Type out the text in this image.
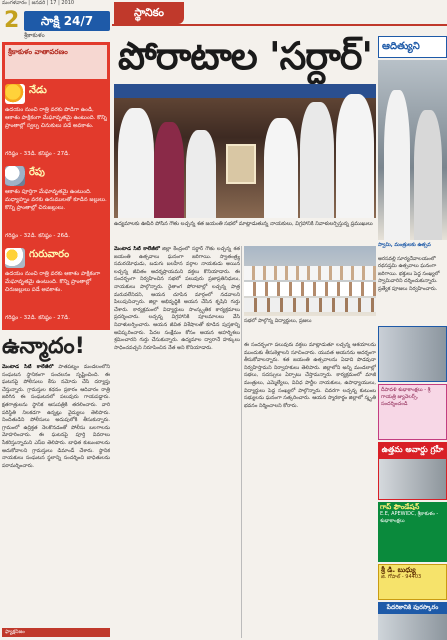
మంగళవారం | జనవరి | 17 | 2010
2	సాక్షి 24/7
శ్రీకాకుళం
స్థానికం
శ్రీకాకుళం వాతావరణం
నేడు
ఉదయం నుంచి రాత్రి వరకు పొడిగా ఉండి, ఆకాశం పాక్షికంగా మేఘావృతమై ఉంటుంది. కొన్ని ప్రాంతాల్లో స్వల్ప చినుకులు పడే అవకాశం.
గరిష్ఠం - 33డి. కనిష్ఠం - 27డి.
రేపు
ఆకాశం పూర్తిగా మేఘావృతమై ఉంటుంది. మధ్యాహ్నం వరకు ఉరుములతో కూడిన జల్లులు. కొన్ని ప్రాంతాల్లో చిరుజల్లులు.
గరిష్ఠం - 32డి. కనిష్ఠం - 26డి.
గురువారం
ఉదయం నుంచి రాత్రి వరకు ఆకాశం పాక్షికంగా మేఘావృతమై ఉంటుంది. కొన్ని ప్రాంతాల్లో చిరుజల్లులు పడే అవకాశం.
గరిష్ఠం - 32డి. కనిష్ఠం - 27డి.
ఉన్మాదం!
మెంటాడ సిటీ కాలేజీలో పాతపట్నం మండలంలోని సంఘటన స్థానికంగా సంచలనం సృష్టించింది. ఈ ఘటనపై పోలీసులు కేసు నమోదు చేసి దర్యాప్తు చేస్తున్నారు. గ్రామస్తుల కథనం ప్రకారం ఆదివారం రాత్రి జరిగిన ఈ సంఘటనలో పలువురు గాయపడ్డారు. క్షతగాత్రులను స్థానిక ఆసుపత్రికి తరలించారు. వారి పరిస్థితి నిలకడగా ఉన్నట్లు వైద్యులు తెలిపారు. నిందితుడిని పోలీసులు అదుపులోకి తీసుకున్నారు. గ్రామంలో ఉద్రిక్తత నెలకొనడంతో పోలీసు బలగాలను మోహరించారు. ఈ ఘటనపై పూర్తి వివరాలు సేకరిస్తున్నామని ఎస్‌ఐ తెలిపారు. బాధిత కుటుంబాలను ఆదుకోవాలని గ్రామస్తులు డిమాండ్ చేశారు. స్థానిక నాయకులు సంఘటన స్థలాన్ని సందర్శించి బాధితులను పరామర్శించారు.
ఫ్యాక్షనిజం
పోరాటాల 'సర్దార్'
ఉద్యమాలకు ఊపిరి పోసిన గౌతు లచ్చన్న శత జయంతి సభలో మాట్లాడుతున్న నాయకులు, విగ్రహానికి నివాళులర్పిస్తున్న ప్రముఖులు
మెంటాడ సిటీ కాలేజీలో జిల్లా కేంద్రంలో సర్దార్ గౌతు లచ్చన్న శత జయంతి ఉత్సవాలు ఘనంగా జరిగాయి. స్వాతంత్ర్య సమరయోధుడు, బడుగు బలహీన వర్గాల నాయకుడు అయిన లచ్చన్న జీవితం ఆదర్శప్రాయమని వక్తలు కొనియాడారు. ఈ సందర్భంగా నిర్వహించిన సభలో పలువురు ప్రజాప్రతినిధులు, నాయకులు పాల్గొన్నారు. రైతాంగ పోరాటాల్లో లచ్చన్న పాత్ర మరువలేనిదని, ఆయన చూపిన మార్గంలో నడవాలని పిలుపునిచ్చారు. జిల్లా అభివృద్ధికి ఆయన చేసిన కృషిని గుర్తు చేశారు. కార్యక్రమంలో విద్యార్థులు సాంస్కృతిక కార్యక్రమాలు ప్రదర్శించారు. లచ్చన్న విగ్రహానికి పూలమాలలు వేసి నివాళులర్పించారు. ఆయన జీవిత విశేషాలతో కూడిన పుస్తకాన్ని ఆవిష్కరించారు. పేదల సంక్షేమం కోసం ఆయన అహర్నిశలు శ్రమించారని గుర్తు చేసుకున్నారు. ఉద్యమాల ద్వారానే హక్కులు సాధించవచ్చని నిరూపించిన నేత అని కొనియాడారు.
సభలో పాల్గొన్న విద్యార్థులు, ప్రజలు
ఈ సందర్భంగా పలువురు వక్తలు మాట్లాడుతూ లచ్చన్న ఆశయాలను ముందుకు తీసుకెళ్లాలని సూచించారు. యువత ఆయనను ఆదర్శంగా తీసుకోవాలన్నారు. శత జయంతి ఉత్సవాలను ఏడాది పొడవునా నిర్వహిస్తామని నిర్వాహకులు తెలిపారు. జిల్లాలోని అన్ని మండలాల్లో సభలు, సదస్సులు ఏర్పాటు చేస్తామన్నారు. కార్యక్రమంలో మాజీ మంత్రులు, ఎమ్మెల్యేలు, వివిధ పార్టీల నాయకులు, ఉపాధ్యాయులు, విద్యార్థులు పెద్ద సంఖ్యలో పాల్గొన్నారు. చివరగా లచ్చన్న కుటుంబ సభ్యులను ఘనంగా సత్కరించారు. ఆయన స్మారకార్థం జిల్లాలో స్మృతి భవనం నిర్మించాలని కోరారు.
ఆదిత్యుని
స్వామి, మంత్రులకు ఉత్సవ
అరసవల్లి సూర్యదేవాలయంలో రథసప్తమి ఉత్సవాలు ఘనంగా జరిగాయి. భక్తులు పెద్ద సంఖ్యలో స్వామివారిని దర్శించుకున్నారు. ప్రత్యేక పూజలు నిర్వహించారు.
దీపావళి శుభాకాంక్షలు - శ్రీ గాయత్రి జ్యువెలర్స్, సందర్శించండి
ఉత్తమ అవార్డు గ్రహీ
గాప్ ఫౌండేషన్
E.E, APEWIDC, శ్రీకాకుళం - శుభాకాంక్షలు
శ్రీ డి. బుధ్యు
జి. గోపాల్ - 94403
పేదరికానికి పురస్కారం
